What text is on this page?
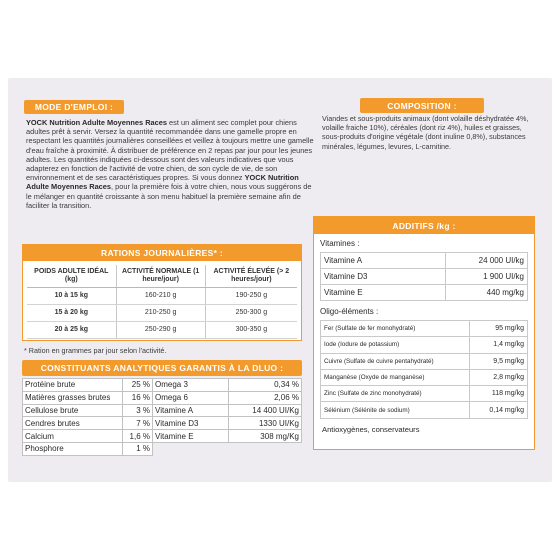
MODE D'EMPLOI :
YOCK Nutrition Adulte Moyennes Races est un aliment sec complet pour chiens adultes prêt à servir. Versez la quantité recommandée dans une gamelle propre en respectant les quantités journalières conseillées et veillez à toujours mettre une gamelle d'eau fraîche à proximité. À distribuer de préférence en 2 repas par jour pour les jeunes adultes. Les quantités indiquées ci-dessous sont des valeurs indicatives que vous adapterez en fonction de l'activité de votre chien, de son cycle de vie, de son environnement et de ses caractéristiques propres. Si vous donnez YOCK Nutrition Adulte Moyennes Races, pour la première fois à votre chien, nous vous suggérons de le mélanger en quantité croissante à son menu habituel la première semaine afin de faciliter la transition.
COMPOSITION :
Viandes et sous-produits animaux (dont volaille déshydratée 4%, volaille fraiche 10%), céréales (dont riz 4%), huiles et graisses, sous-produits d'origine végétale (dont inuline 0,8%), substances minérales, légumes, levures, L-carnitine.
RATIONS JOURNALIÈRES* :
POIDS ADULTE IDÉAL (kg)	ACTIVITÉ NORMALE (1 heure/jour)	ACTIVITÉ ÉLEVÉE (> 2 heures/jour)
10 à 15 kg	160-210 g	190-250 g
15 à 20 kg	210-250 g	250-300 g
20 à 25 kg	250-290 g	300-350 g
* Ration en grammes par jour selon l'activité.
CONSTITUANTS ANALYTIQUES GARANTIS À LA DLUO :
Protéine brute	25 %	Omega 3	0,34 %
Matières grasses brutes	16 %	Omega 6	2,06 %
Cellulose brute	3 %	Vitamine A	14 400 UI/Kg
Cendres brutes	7 %	Vitamine D3	1330 UI/Kg
Calcium	1,6 %	Vitamine E	308 mg/Kg
Phosphore	1 %		
ADDITIFS /kg :
Vitamines :
Vitamine A	24 000 UI/kg
Vitamine D3	1 900 UI/kg
Vitamine E	440 mg/kg
Oligo-éléments :
Fer (Sulfate de fer monohydraté)	95 mg/kg
Iode (Iodure de potassium)	1,4 mg/kg
Cuivre (Sulfate de cuivre pentahydraté)	9,5 mg/kg
Manganèse (Oxyde de manganèse)	2,8 mg/kg
Zinc (Sulfate de zinc monohydraté)	118 mg/kg
Sélénium (Sélénite de sodium)	0,14 mg/kg
Antioxygènes, conservateurs
